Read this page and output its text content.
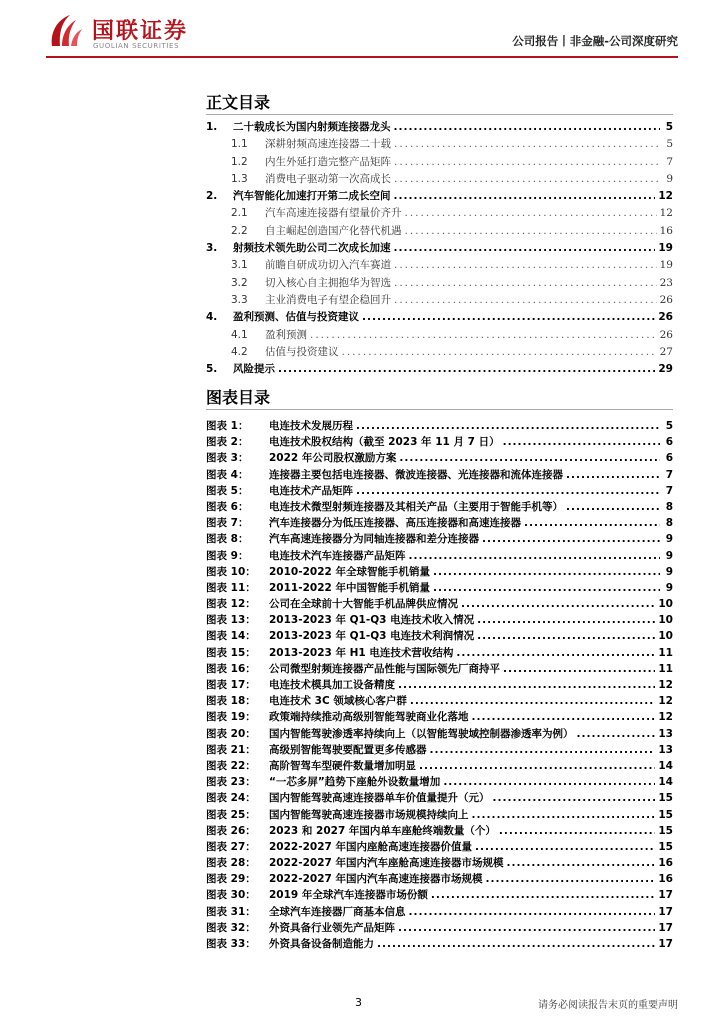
国联证券
GUOLIAN SECURITIES	公司报告丨非金融-公司深度研究
正文目录
1.	二十载成长为国内射频连接器龙头 .....	5
1.1	深耕射频高速连接器二十载 .....	5
1.2	内生外延打造完整产品矩阵 .....	7
1.3	消费电子驱动第一次高成长 .....	9
2.	汽车智能化加速打开第二成长空间 .....	12
2.1	汽车高速连接器有望量价齐升 .....	12
2.2	自主崛起创造国产化替代机遇 .....	16
3.	射频技术领先助公司二次成长加速 .....	19
3.1	前瞻自研成功切入汽车赛道 .....	19
3.2	切入核心自主拥抱华为智选 .....	23
3.3	主业消费电子有望企稳回升 .....	26
4.	盈利预测、估值与投资建议 .....	26
4.1	盈利预测 .....	26
4.2	估值与投资建议 .....	27
5.	风险提示 .....	29
图表目录
图表 1：	电连技术发展历程 .....	5
图表 2：	电连技术股权结构（截至 2023 年 11 月 7 日） .....	6
图表 3：	2022 年公司股权激励方案 .....	6
图表 4：	连接器主要包括电连接器、微波连接器、光连接器和流体连接器 .....	7
图表 5：	电连技术产品矩阵 .....	7
图表 6：	电连技术微型射频连接器及其相关产品（主要用于智能手机等） .....	8
图表 7：	汽车连接器分为低压连接器、高压连接器和高速连接器 .....	8
图表 8：	汽车高速连接器分为同轴连接器和差分连接器 .....	9
图表 9：	电连技术汽车连接器产品矩阵 .....	9
图表 10：	2010-2022 年全球智能手机销量 .....	9
图表 11：	2011-2022 年中国智能手机销量 .....	9
图表 12：	公司在全球前十大智能手机品牌供应情况 .....	10
图表 13：	2013-2023 年 Q1-Q3 电连技术收入情况 .....	10
图表 14：	2013-2023 年 Q1-Q3 电连技术利润情况 .....	10
图表 15：	2013-2023 年 H1 电连技术营收结构 .....	11
图表 16：	公司微型射频连接器产品性能与国际领先厂商持平 .....	11
图表 17：	电连技术模具加工设备精度 .....	12
图表 18：	电连技术 3C 领域核心客户群 .....	12
图表 19：	政策端持续推动高级别智能驾驶商业化落地 .....	12
图表 20：	国内智能驾驶渗透率持续向上（以智能驾驶域控制器渗透率为例） .....	13
图表 21：	高级别智能驾驶要配置更多传感器 .....	13
图表 22：	高阶智驾车型硬件数量增加明显 .....	14
图表 23：	“一芯多屏”趋势下座舱外设数量增加 .....	14
图表 24：	国内智能驾驶高速连接器单车价值量提升（元） .....	15
图表 25：	国内智能驾驶高速连接器市场规模持续向上 .....	15
图表 26：	2023 和 2027 年国内单车座舱终端数量（个） .....	15
图表 27：	2022-2027 年国内座舱高速连接器价值量 .....	15
图表 28：	2022-2027 年国内汽车座舱高速连接器市场规模 .....	16
图表 29：	2022-2027 年国内汽车高速连接器市场规模 .....	16
图表 30：	2019 年全球汽车连接器市场份额 .....	17
图表 31：	全球汽车连接器厂商基本信息 .....	17
图表 32：	外资具备行业领先产品矩阵 .....	17
图表 33：	外资具备设备制造能力 .....	17
3	请务必阅读报告末页的重要声明
